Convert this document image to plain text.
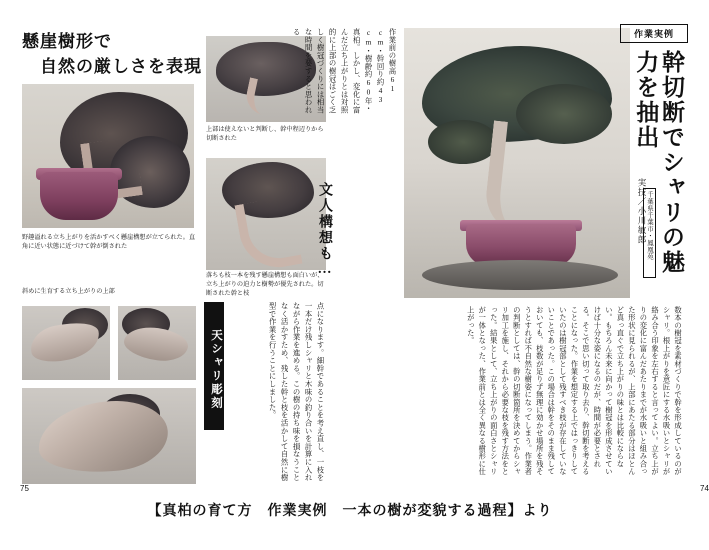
懸崖樹形で
自然の厳しさを表現
野趣溢れる立ち上がりを活かすべく懸崖構想が立てられた。直角に近い状態に近づけて幹が倒された
上部は使えないと判断し、幹中程辺りから切断された
落ちも枝一本を残す懸崖構想も面白いが、立ち上がりの迫力と樹勢が優先された。切断された幹と枝
文人構想も…
斜めに生育する立ち上がりの上部
天シャリ彫刻	点になります。細幹であることを考え直し、一枝を一本だけ残しシャリと木味の釣り合いを計算に入れながら作業を進める。この樹の持ち味を損なうことなく活かすため、残した幹と枝を活かして自然に樹型で作業を行うことにしました。
75
作業前の樹高61 cm・幹回り約43 cm・樹齢約60年・真柏。しかし、変化に富んだ立ち上がりとは対照的に上部の樹冠はごく乏しく樹冠づくりには相当な時間を要すると思われる	作業実例
幹切断でシャリの魅力を抽出
実技／小川敏郎 千葉県千葉市・鳳凰苑
数本の樹冠を素材づくりで幹を形成しているのがシャリ。根上がりを意匠にする水吸いとシャリが絡み合う印象を左右すると言ってよい。立ち上がりの変化に富んだあたりまでが水吸いと組み合った形状に見られるが、上部にあたる部分はほとんど真っ直ぐで立ち上がりの味とは比較にならない。もちろん未来に向かって樹冠を形成させていけば十分な姿になるのだが、時間が必要とされる。そこで思い切って取り去り、幹切断を考えることになった。作業を想定する上ではっきりしていたのは樹冠部として残すべき枝が存在していないことであった。この場合は幹をそのまま残しておいても、枝数が足りず無理に効かせ場所を残そうとすれば不自然な樹姿になってしまう。作業者の判断としては、幹の切断箇所を決めてからシャリ加工を施し、それから必要な枝を残す方法をとった。結果として、立ち上がりの面白さとシャリが一体となった、作業前とは全く異なる樹形に仕上がった。
74
【真柏の育て方　作業実例　一本の樹が変貌する過程】より
